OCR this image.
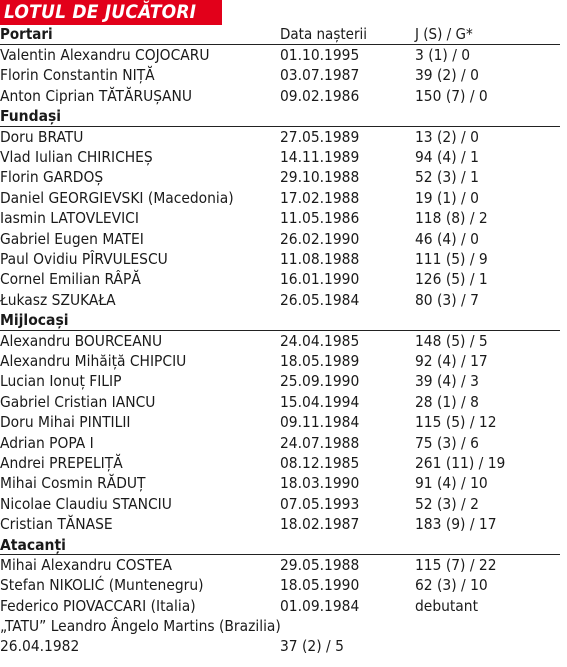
LOTUL DE JUCĂTORI
Portari	Data nașterii	J (S) / G*
Valentin Alexandru COJOCARU	01.10.1995	3 (1) / 0
Florin Constantin NIȚĂ	03.07.1987	39 (2) / 0
Anton Ciprian TĂTĂRUȘANU	09.02.1986	150 (7) / 0
Fundași
Doru BRATU	27.05.1989	13 (2) / 0
Vlad Iulian CHIRICHEȘ	14.11.1989	94 (4) / 1
Florin GARDOȘ	29.10.1988	52 (3) / 1
Daniel GEORGIEVSKI (Macedonia)	17.02.1988	19 (1) / 0
Iasmin LATOVLEVICI	11.05.1986	118 (8) / 2
Gabriel Eugen MATEI	26.02.1990	46 (4) / 0
Paul Ovidiu PÎRVULESCU	11.08.1988	111 (5) / 9
Cornel Emilian RÂPĂ	16.01.1990	126 (5) / 1
Łukasz SZUKAŁA	26.05.1984	80 (3) / 7
Mijlocași
Alexandru BOURCEANU	24.04.1985	148 (5) / 5
Alexandru Mihăiță CHIPCIU	18.05.1989	92 (4) / 17
Lucian Ionuț FILIP	25.09.1990	39 (4) / 3
Gabriel Cristian IANCU	15.04.1994	28 (1) / 8
Doru Mihai PINTILII	09.11.1984	115 (5) / 12
Adrian POPA I	24.07.1988	75 (3) / 6
Andrei PREPELIȚĂ	08.12.1985	261 (11) / 19
Mihai Cosmin RĂDUȚ	18.03.1990	91 (4) / 10
Nicolae Claudiu STANCIU	07.05.1993	52 (3) / 2
Cristian TĂNASE	18.02.1987	183 (9) / 17
Atacanți
Mihai Alexandru COSTEA	29.05.1988	115 (7) / 22
Stefan NIKOLIĆ (Muntenegru)	18.05.1990	62 (3) / 10
Federico PIOVACCARI (Italia)	01.09.1984	debutant
„TATU” Leandro Ângelo Martins (Brazilia)
26.04.1982	37 (2) / 5
